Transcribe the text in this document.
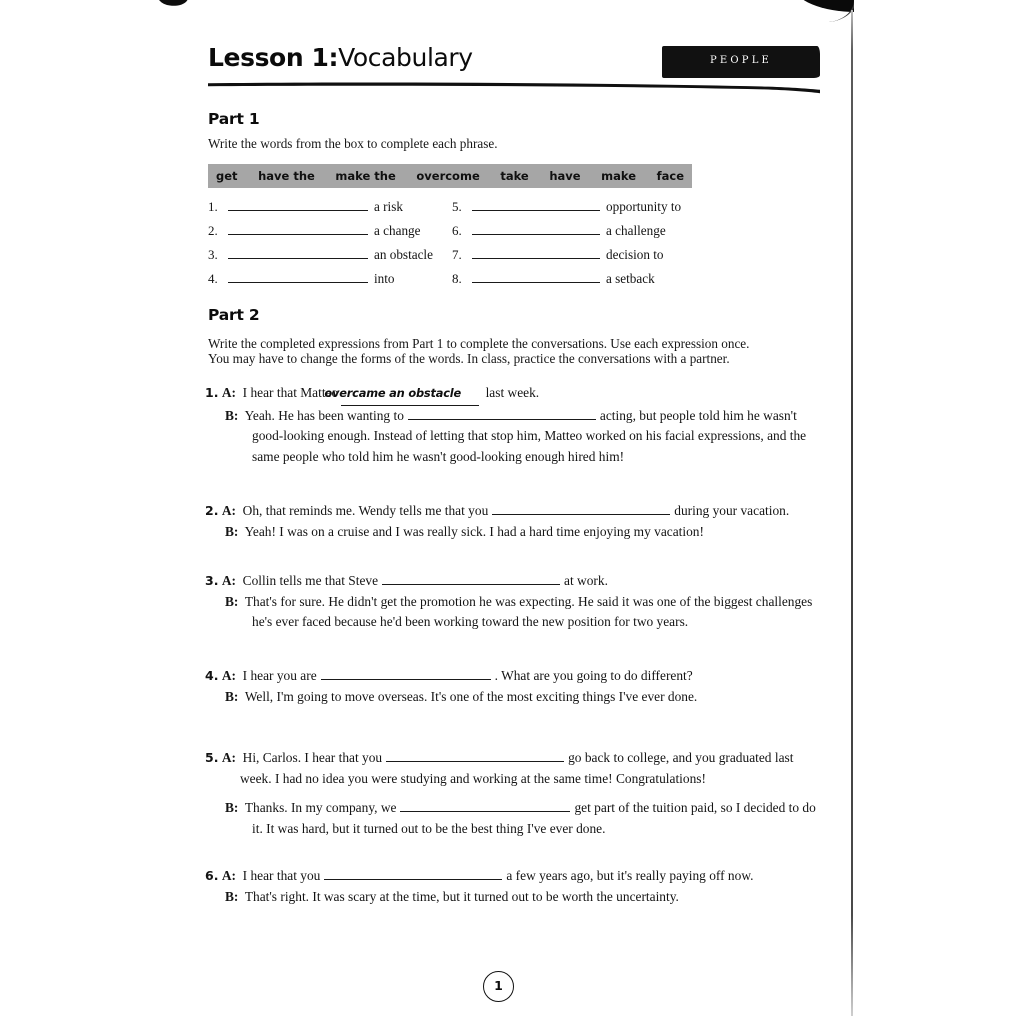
Lesson 1:Vocabulary	PEOPLE
Part 1
Write the words from the box to complete each phrase.
get have the make the overcome take have make face
1.	a risk
2.	a change
3.	an obstacle
4.	into
5.	opportunity to
6.	a challenge
7.	decision to
8.	a setback
Part 2
Write the completed expressions from Part 1 to complete the conversations. Use each expression once.
You may have to change the forms of the words. In class, practice the conversations with a partner.
1. A: I hear that Matteoovercame an obstacle last week.
B: Yeah. He has been wanting to	acting, but people told him he wasn't good-looking enough. Instead of letting that stop him, Matteo worked on his facial expressions, and the same people who told him he wasn't good-looking enough hired him!
2. A: Oh, that reminds me. Wendy tells me that you	during your vacation.
B: Yeah! I was on a cruise and I was really sick. I had a hard time enjoying my vacation!
3. A: Collin tells me that Steve	at work.
B: That's for sure. He didn't get the promotion he was expecting. He said it was one of the biggest challenges he's ever faced because he'd been working toward the new position for two years.
4. A: I hear you are	. What are you going to do different?
B: Well, I'm going to move overseas. It's one of the most exciting things I've ever done.
5. A: Hi, Carlos. I hear that you	go back to college, and you graduated last week. I had no idea you were studying and working at the same time! Congratulations!
B: Thanks. In my company, we	get part of the tuition paid, so I decided to do it. It was hard, but it turned out to be the best thing I've ever done.
6. A: I hear that you	a few years ago, but it's really paying off now.
B: That's right. It was scary at the time, but it turned out to be worth the uncertainty.
1
